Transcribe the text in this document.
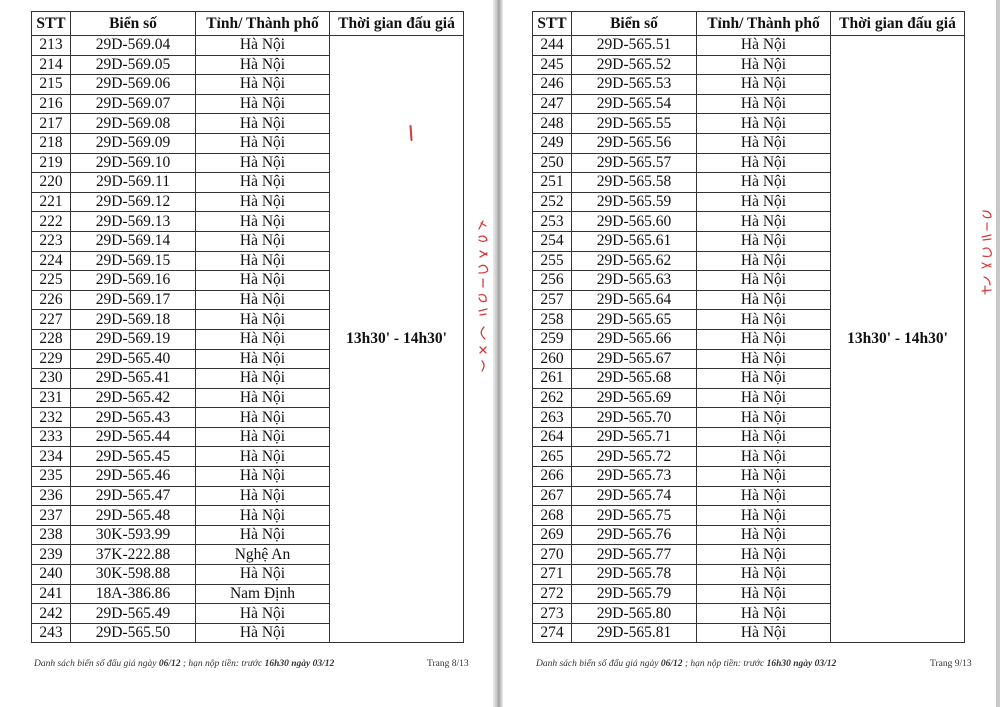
STT	Biển số	Tỉnh/ Thành phố	Thời gian đấu giá
213	29D-569.04	Hà Nội	13h30' - 14h30'
214	29D-569.05	Hà Nội	
215	29D-569.06	Hà Nội	
216	29D-569.07	Hà Nội	
217	29D-569.08	Hà Nội	
218	29D-569.09	Hà Nội	
219	29D-569.10	Hà Nội	
220	29D-569.11	Hà Nội	
221	29D-569.12	Hà Nội	
222	29D-569.13	Hà Nội	
223	29D-569.14	Hà Nội	
224	29D-569.15	Hà Nội	
225	29D-569.16	Hà Nội	
226	29D-569.17	Hà Nội	
227	29D-569.18	Hà Nội	
228	29D-569.19	Hà Nội	
229	29D-565.40	Hà Nội	
230	29D-565.41	Hà Nội	
231	29D-565.42	Hà Nội	
232	29D-565.43	Hà Nội	
233	29D-565.44	Hà Nội	
234	29D-565.45	Hà Nội	
235	29D-565.46	Hà Nội	
236	29D-565.47	Hà Nội	
237	29D-565.48	Hà Nội	
238	30K-593.99	Hà Nội	
239	37K-222.88	Nghệ An	
240	30K-598.88	Hà Nội	
241	18A-386.86	Nam Định	
242	29D-565.49	Hà Nội	
243	29D-565.50	Hà Nội	
Danh sách biển số đấu giá ngày 06/12 ; hạn nộp tiền: trước 16h30 ngày 03/12	Trang 8/13
STT	Biển số	Tỉnh/ Thành phố	Thời gian đấu giá
244	29D-565.51	Hà Nội	13h30' - 14h30'
245	29D-565.52	Hà Nội	
246	29D-565.53	Hà Nội	
247	29D-565.54	Hà Nội	
248	29D-565.55	Hà Nội	
249	29D-565.56	Hà Nội	
250	29D-565.57	Hà Nội	
251	29D-565.58	Hà Nội	
252	29D-565.59	Hà Nội	
253	29D-565.60	Hà Nội	
254	29D-565.61	Hà Nội	
255	29D-565.62	Hà Nội	
256	29D-565.63	Hà Nội	
257	29D-565.64	Hà Nội	
258	29D-565.65	Hà Nội	
259	29D-565.66	Hà Nội	
260	29D-565.67	Hà Nội	
261	29D-565.68	Hà Nội	
262	29D-565.69	Hà Nội	
263	29D-565.70	Hà Nội	
264	29D-565.71	Hà Nội	
265	29D-565.72	Hà Nội	
266	29D-565.73	Hà Nội	
267	29D-565.74	Hà Nội	
268	29D-565.75	Hà Nội	
269	29D-565.76	Hà Nội	
270	29D-565.77	Hà Nội	
271	29D-565.78	Hà Nội	
272	29D-565.79	Hà Nội	
273	29D-565.80	Hà Nội	
274	29D-565.81	Hà Nội	
Danh sách biển số đấu giá ngày 06/12 ; hạn nộp tiền: trước 16h30 ngày 03/12	Trang 9/13
